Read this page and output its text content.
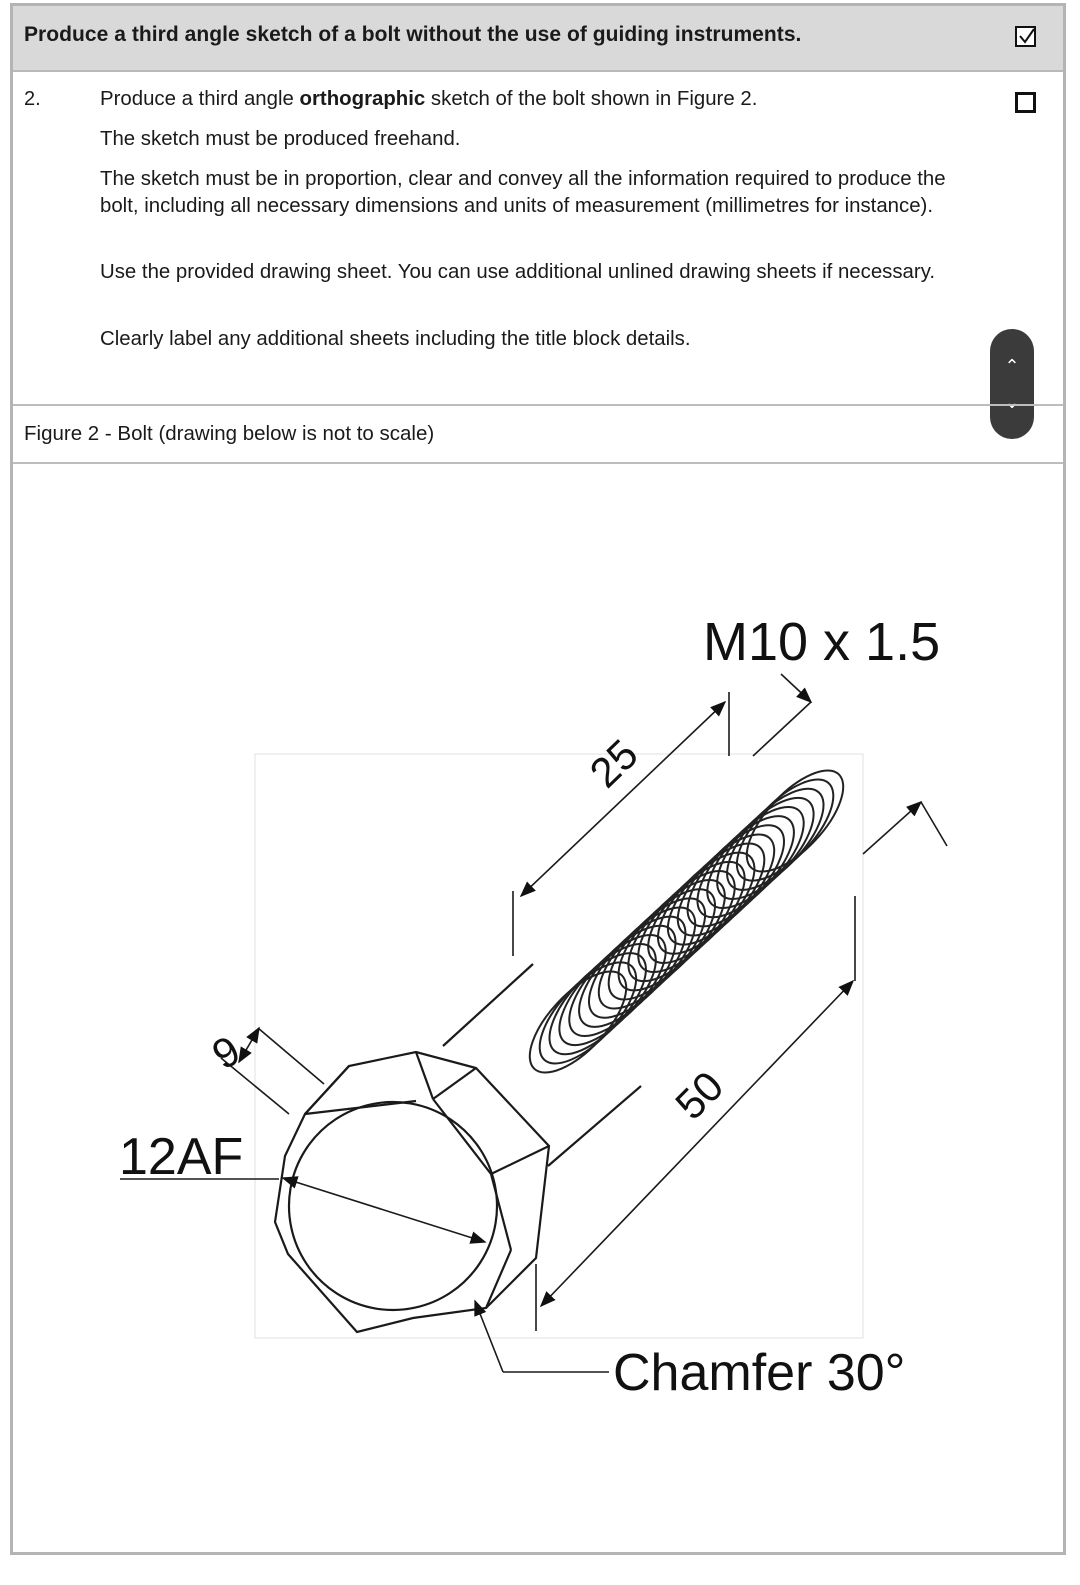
Produce a third angle sketch of a bolt without the use of guiding instruments.
2.	Produce a third angle orthographic sketch of the bolt shown in Figure 2.
The sketch must be produced freehand.
The sketch must be in proportion, clear and convey all the information required to produce the bolt, including all necessary dimensions and units of measurement (millimetres for instance).
Use the provided drawing sheet. You can use additional unlined drawing sheets if necessary.
Clearly label any additional sheets including the title block details.
⌃
⌄
Figure 2 - Bolt (drawing below is not to scale)
M10 x 1.5
25
50
6
12AF
Chamfer 30°
